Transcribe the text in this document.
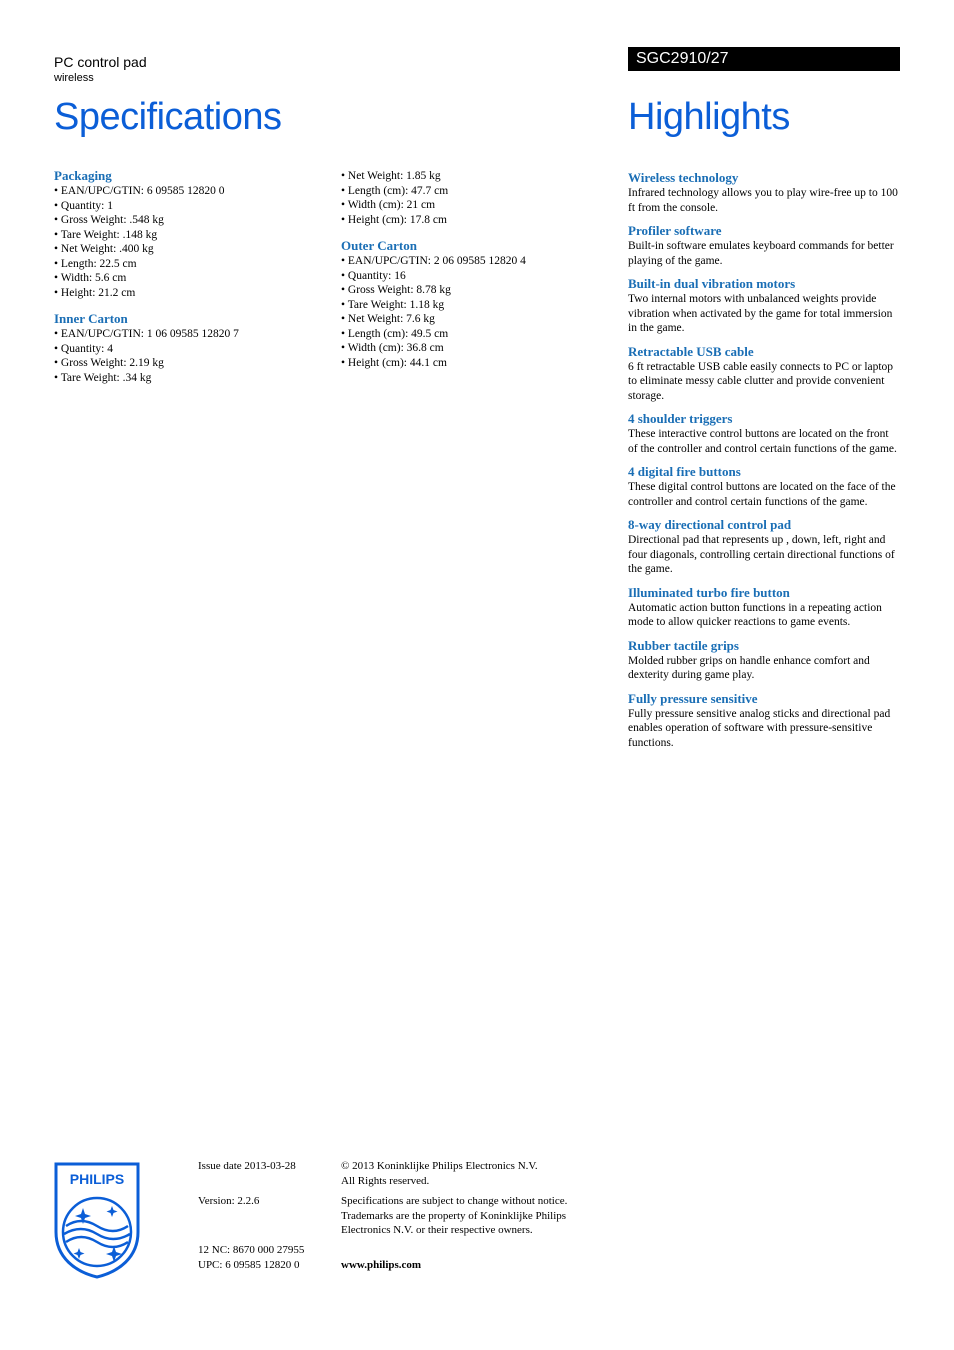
PC control pad
wireless
Specifications
SGC2910/27
Highlights

Packaging

• EAN/UPC/GTIN: 6 09585 12820 0
• Quantity: 1
• Gross Weight: .548 kg
• Tare Weight: .148 kg
• Net Weight: .400 kg
• Length: 22.5 cm
• Width: 5.6 cm
• Height: 21.2 cm

Inner Carton

• EAN/UPC/GTIN: 1 06 09585 12820 7
• Quantity: 4
• Gross Weight: 2.19 kg
• Tare Weight: .34 kg
• Net Weight: 1.85 kg
• Length (cm): 47.7 cm
• Width (cm): 21 cm
• Height (cm): 17.8 cm

Outer Carton

• EAN/UPC/GTIN: 2 06 09585 12820 4
• Quantity: 16
• Gross Weight: 8.78 kg
• Tare Weight: 1.18 kg
• Net Weight: 7.6 kg
• Length (cm): 49.5 cm
• Width (cm): 36.8 cm
• Height (cm): 44.1 cm

Wireless technology

Infrared technology allows you to play wire-free up to 100 ft from the console.

Profiler software

Built-in software emulates keyboard commands for better playing of the game.

Built-in dual vibration motors

Two internal motors with unbalanced weights provide vibration when activated by the game for total immersion in the game.

Retractable USB cable

6 ft retractable USB cable easily connects to PC or laptop to eliminate messy cable clutter and provide convenient storage.

4 shoulder triggers

These interactive control buttons are located on the front of the controller and control certain functions of the game.

4 digital fire buttons

These digital control buttons are located on the face of the controller and control certain functions of the game.

8-way directional control pad

Directional pad that represents up , down, left, right and four diagonals, controlling certain directional functions of the game.

Illuminated turbo fire button

Automatic action button functions in a repeating action mode to allow quicker reactions to game events.

Rubber tactile grips

Molded rubber grips on handle enhance comfort and dexterity during game play.

Fully pressure sensitive

Fully pressure sensitive analog sticks and directional pad enables operation of software with pressure-sensitive functions.
PHILIPS
Issue date 2013-03-28
Version: 2.2.6
12 NC: 8670 000 27955
UPC: 6 09585 12820 0
© 2013 Koninklijke Philips Electronics N.V.
All Rights reserved.
Specifications are subject to change without notice.
Trademarks are the property of Koninklijke Philips
Electronics N.V. or their respective owners.
www.philips.com
